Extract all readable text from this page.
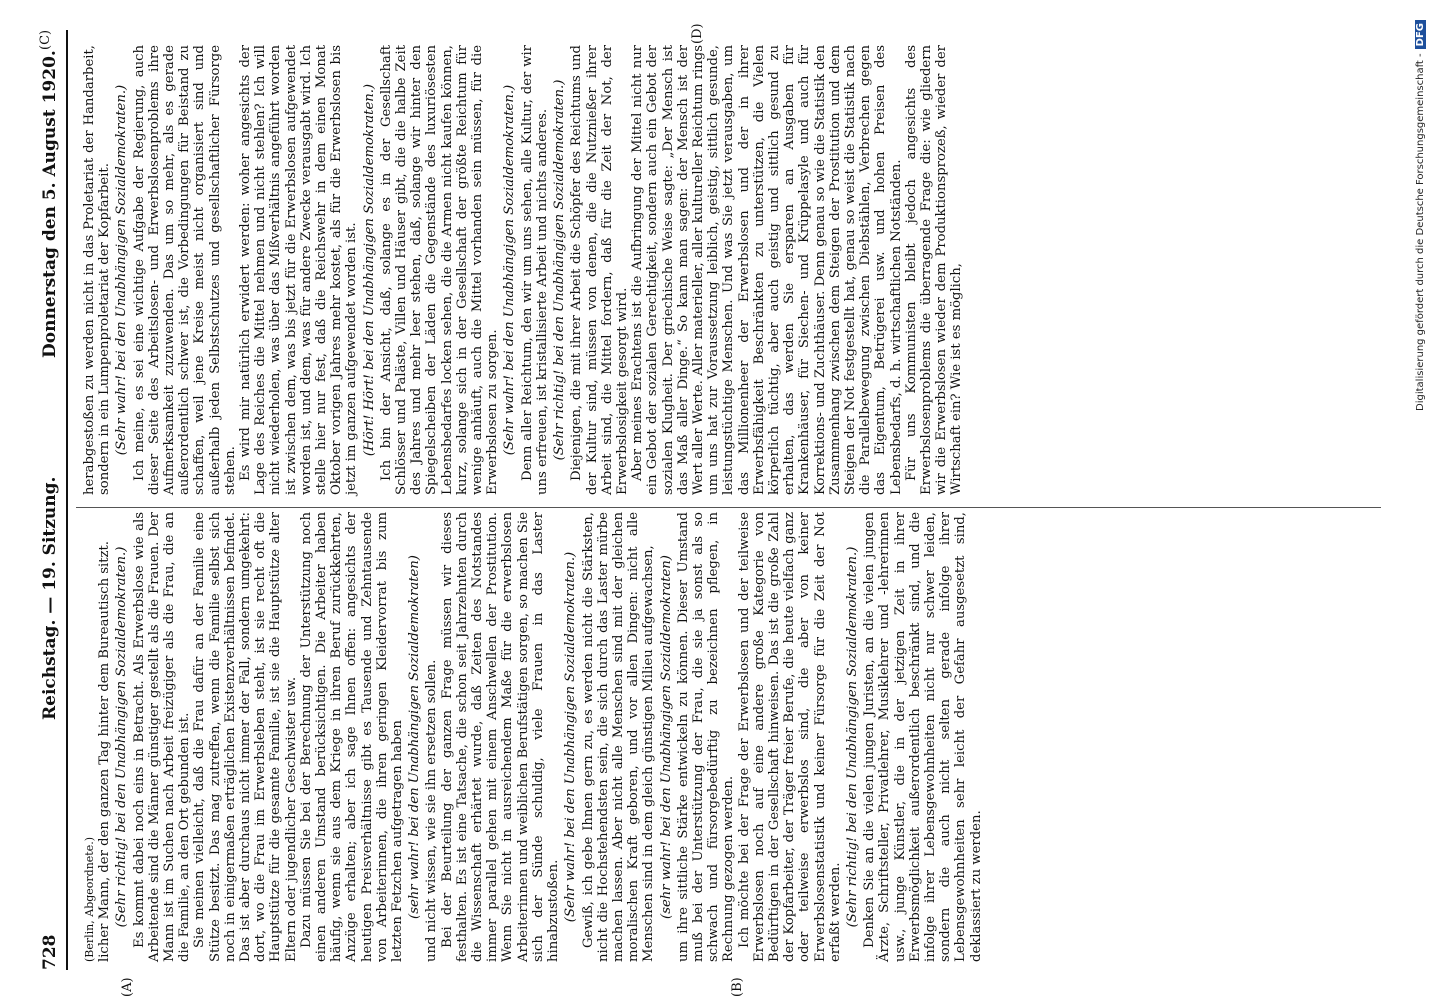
728
Reichstag. — 19. Sitzung.
Donnerstag den 5. August 1920.
(A)	(B)
(C)	(D)

(Berlin, Abgeordnete.) licher Mann, der den ganzen Tag hinter dem Bureautisch sitzt. (Sehr richtig! bei den Unabhängigen Sozialdemokraten.) Es kommt dabei noch eins in Betracht. Als Erwerbslose wie als Arbeitende sind die Männer günstiger gestellt als die Frauen. Der Mann ist im Suchen nach Arbeit freizügiger als die Frau, die an die Familie, an den Ort gebunden ist. Sie meinen vielleicht, daß die Frau dafür an der Familie eine Stütze besitzt. Das mag zutreffen, wenn die Familie selbst sich noch in einigermaßen erträglichen Existenzverhältnissen befindet. Das ist aber durchaus nicht immer der Fall, sondern umgekehrt: dort, wo die Frau im Erwerbsleben steht, ist sie recht oft die Hauptstütze für die gesamte Familie, ist sie die Hauptstütze alter Eltern oder jugendlicher Geschwister usw. Dazu müssen Sie bei der Berechnung der Unterstützung noch einen anderen Umstand berücksichtigen. Die Arbeiter haben häufig, wenn sie aus dem Kriege in ihren Beruf zurückkehrten, Anzüge erhalten; aber ich sage Ihnen offen: angesichts der heutigen Preisverhältnisse gibt es Tausende und Zehntausende von Arbeiterinnen, die ihren geringen Kleidervorrat bis zum letzten Fetzchen aufgetragen haben (sehr wahr! bei den Unabhängigen Sozialdemokraten) und nicht wissen, wie sie ihn ersetzen sollen. Bei der Beurteilung der ganzen Frage müssen wir dieses festhalten. Es ist eine Tatsache, die schon seit Jahrzehnten durch die Wissenschaft erhärtet wurde, daß Zeiten des Notstandes immer parallel gehen mit einem Anschwellen der Prostitution. Wenn Sie nicht in ausreichendem Maße für die erwerbslosen Arbeiterinnen und weiblichen Berufstätigen sorgen, so machen Sie sich der Sünde schuldig, viele Frauen in das Laster hinabzustoßen. (Sehr wahr! bei den Unabhängigen Sozialdemokraten.) Gewiß, ich gebe Ihnen gern zu, es werden nicht die Stärksten, nicht die Hochstehendsten sein, die sich durch das Laster mürbe machen lassen. Aber nicht alle Menschen sind mit der gleichen moralischen Kraft geboren, und vor allen Dingen: nicht alle Menschen sind in dem gleich günstigen Milieu aufgewachsen, (sehr wahr! bei den Unabhängigen Sozialdemokraten) um ihre sittliche Stärke entwickeln zu können. Dieser Umstand muß bei der Unterstützung der Frau, die sie ja sonst als so schwach und fürsorgebedürftig zu bezeichnen pflegen, in Rechnung gezogen werden. Ich möchte bei der Frage der Erwerbslosen und der teilweise Erwerbslosen noch auf eine andere große Kategorie von Bedürftigen in der Gesellschaft hinweisen. Das ist die große Zahl der Kopfarbeiter, der Träger freier Berufe, die heute vielfach ganz oder teilweise erwerbslos sind, die aber von keiner Erwerbslosenstatistik und keiner Fürsorge für die Zeit der Not erfaßt werden. (Sehr richtig! bei den Unabhängigen Sozialdemokraten.) Denken Sie an die vielen jungen Juristen, an die vielen jungen Ärzte, Schriftsteller, Privatlehrer, Musiklehrer und -lehrerinnen usw., junge Künstler, die in der jetzigen Zeit in ihrer Erwerbsmöglichkeit außerordentlich beschränkt sind, und die infolge ihrer Lebensgewohnheiten nicht nur schwer leiden, sondern die auch nicht selten gerade infolge ihrer Lebensgewohnheiten sehr leicht der Gefahr ausgesetzt sind, deklassiert zu werden.

herabgestoßen zu werden nicht in das Proletariat der Handarbeit, sondern in ein Lumpenproletariat der Kopfarbeit. (Sehr wahr! bei den Unabhängigen Sozialdemokraten.) Ich meine, es sei eine wichtige Aufgabe der Regierung, auch dieser Seite des Arbeitslosen- und Erwerbslosenproblems ihre Aufmerksamkeit zuzuwenden. Das um so mehr, als es gerade außerordentlich schwer ist, die Vorbedingungen für Beistand zu schaffen, weil jene Kreise meist nicht organisiert sind und außerhalb jeden Selbstschutzes und gesellschaftlicher Fürsorge stehen. Es wird mir natürlich erwidert werden: woher angesichts der Lage des Reiches die Mittel nehmen und nicht stehlen? Ich will nicht wiederholen, was über das Mißverhältnis angeführt worden ist zwischen dem, was bis jetzt für die Erwerbslosen aufgewendet worden ist, und dem, was für andere Zwecke verausgabt wird. Ich stelle hier nur fest, daß die Reichswehr in dem einen Monat Oktober vorigen Jahres mehr kostet, als für die Erwerbslosen bis jetzt im ganzen aufgewendet worden ist. (Hört! Hört! bei den Unabhängigen Sozialdemokraten.) Ich bin der Ansicht, daß, solange es in der Gesellschaft Schlösser und Paläste, Villen und Häuser gibt, die die halbe Zeit des Jahres und mehr leer stehen, daß, solange wir hinter den Spiegelscheiben der Läden die Gegenstände des luxuriösesten Lebensbedarfes locken sehen, die die Armen nicht kaufen können, kurz, solange sich in der Gesellschaft der größte Reichtum für wenige anhäuft, auch die Mittel vorhanden sein müssen, für die Erwerbslosen zu sorgen. (Sehr wahr! bei den Unabhängigen Sozialdemokraten.) Denn aller Reichtum, den wir um uns sehen, alle Kultur, der wir uns erfreuen, ist kristallisierte Arbeit und nichts anderes. (Sehr richtig! bei den Unabhängigen Sozialdemokraten.) Diejenigen, die mit ihrer Arbeit die Schöpfer des Reichtums und der Kultur sind, müssen von denen, die die Nutznießer ihrer Arbeit sind, die Mittel fordern, daß für die Zeit der Not, der Erwerbslosigkeit gesorgt wird. Aber meines Erachtens ist die Aufbringung der Mittel nicht nur ein Gebot der sozialen Gerechtigkeit, sondern auch ein Gebot der sozialen Klugheit. Der griechische Weise sagte: „Der Mensch ist das Maß aller Dinge.“ So kann man sagen: der Mensch ist der Wert aller Werte. Aller materieller, aller kultureller Reichtum rings um uns hat zur Voraussetzung leiblich, geistig, sittlich gesunde, leistungstüchtige Menschen. Und was Sie jetzt verausgaben, um das Millionenheer der Erwerbslosen und der in ihrer Erwerbsfähigkeit Beschränkten zu unterstützen, die Vielen körperlich tüchtig, aber auch geistig und sittlich gesund zu erhalten, das werden Sie ersparen an Ausgaben für Krankenhäuser, für Siechen- und Krüppelasyle und auch für Korrektions- und Zuchthäuser. Denn genau so wie die Statistik den Zusammenhang zwischen dem Steigen der Prostitution und dem Steigen der Not festgestellt hat, genau so weist die Statistik nach die Parallelbewegung zwischen Diebstählen, Verbrechen gegen das Eigentum, Betrügerei usw. und hohen Preisen des Lebensbedarfs, d. h. wirtschaftlichen Notständen. Für uns Kommunisten bleibt jedoch angesichts des Erwerbslosenproblems die überragende Frage die: wie gliedern wir die Erwerbslosen wieder dem Produktionsprozeß, wieder der Wirtschaft ein? Wie ist es möglich,	Digitalisierung gefördert durch die Deutsche Forschungsgemeinschaft -DFG
